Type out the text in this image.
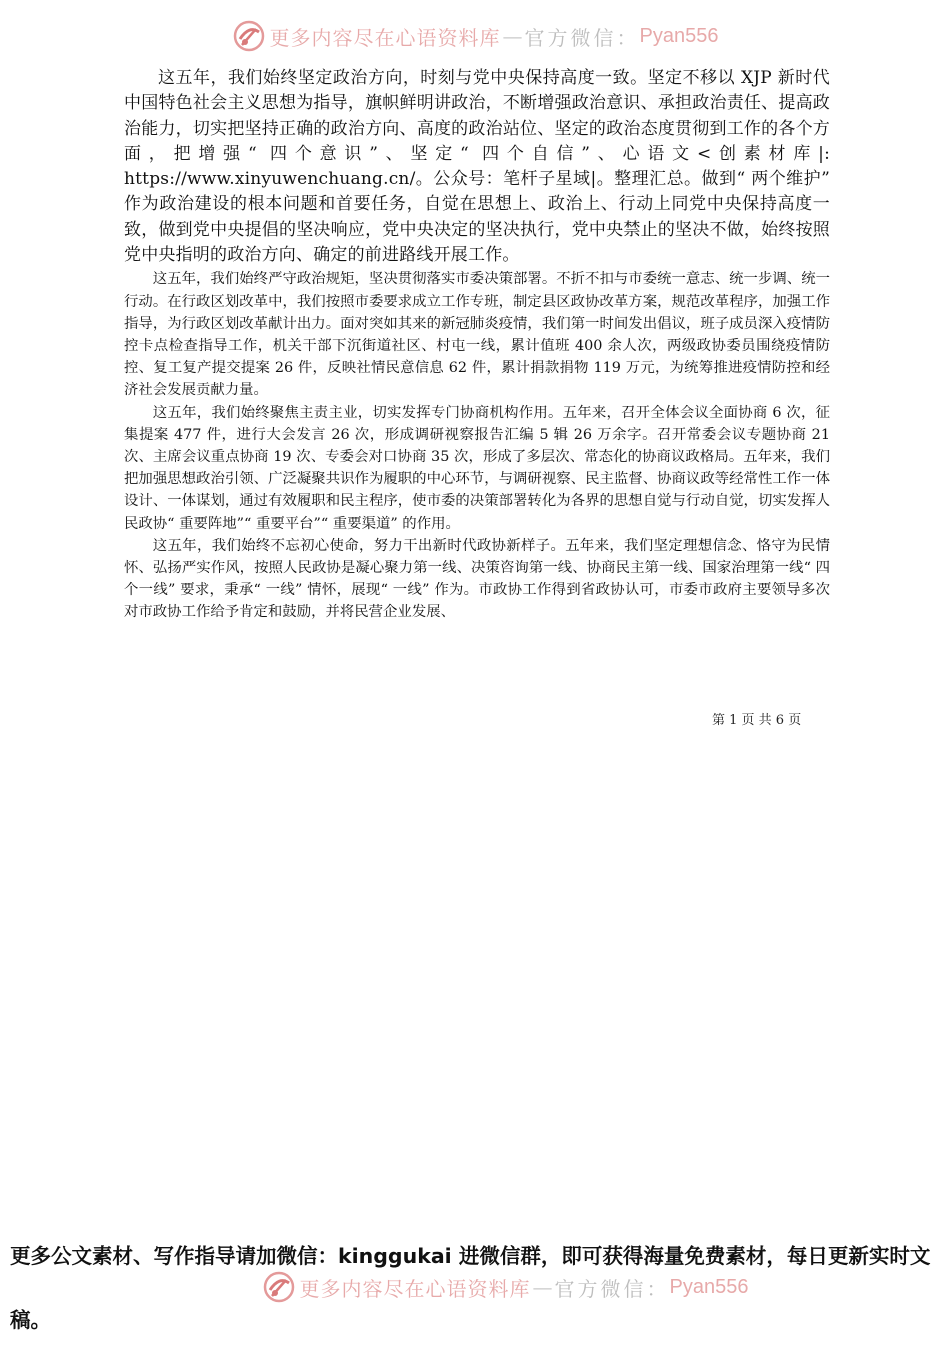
更多内容尽在心语资料库 — 官方微信： Pyan556

这五年，我们始终坚定政治方向，时刻与党中央保持高度一致。坚定不移以 XJP 新时代中国特色社会主义思想为指导，旗帜鲜明讲政治，不断增强政治意识、承担政治责任、提高政治能力，切实把坚持正确的政治方向、高度的政治站位、坚定的政治态度贯彻到工作的各个方面，把增强“ 四个意识”、坚定“ 四个自信”、心语文<创素材库|: https://www.xinyuwenchuang.cn/。公众号：笔杆子星域|。整理汇总。做到“ 两个维护” 作为政治建设的根本问题和首要任务，自觉在思想上、政治上、行动上同党中央保持高度一致，做到党中央提倡的坚决响应，党中央决定的坚决执行，党中央禁止的坚决不做，始终按照党中央指明的政治方向、确定的前进路线开展工作。

这五年，我们始终严守政治规矩，坚决贯彻落实市委决策部署。不折不扣与市委统一意志、统一步调、统一行动。在行政区划改革中，我们按照市委要求成立工作专班，制定县区政协改革方案，规范改革程序，加强工作指导，为行政区划改革献计出力。面对突如其来的新冠肺炎疫情，我们第一时间发出倡议，班子成员深入疫情防控卡点检查指导工作，机关干部下沉街道社区、村屯一线，累计值班 400 余人次，两级政协委员围绕疫情防控、复工复产提交提案 26 件，反映社情民意信息 62 件，累计捐款捐物 119 万元，为统筹推进疫情防控和经济社会发展贡献力量。

这五年，我们始终聚焦主责主业，切实发挥专门协商机构作用。五年来，召开全体会议全面协商 6 次，征集提案 477 件，进行大会发言 26 次，形成调研视察报告汇编 5 辑 26 万余字。召开常委会议专题协商 21 次、主席会议重点协商 19 次、专委会对口协商 35 次，形成了多层次、常态化的协商议政格局。五年来，我们把加强思想政治引领、广泛凝聚共识作为履职的中心环节，与调研视察、民主监督、协商议政等经常性工作一体设计、一体谋划，通过有效履职和民主程序，使市委的决策部署转化为各界的思想自觉与行动自觉，切实发挥人民政协“ 重要阵地”“ 重要平台”“ 重要渠道” 的作用。

这五年，我们始终不忘初心使命，努力干出新时代政协新样子。五年来，我们坚定理想信念、恪守为民情怀、弘扬严实作风，按照人民政协是凝心聚力第一线、决策咨询第一线、协商民主第一线、国家治理第一线“ 四个一线” 要求，秉承“ 一线” 情怀，展现“ 一线” 作为。市政协工作得到省政协认可，市委市政府主要领导多次对市政协工作给予肯定和鼓励，并将民营企业发展、

第 1 页 共 6 页
更多公文素材、写作指导请加微信：kinggukai 进微信群，即可获得海量免费素材，每日更新实时文稿。
更多内容尽在心语资料库 — 官方微信： Pyan556
